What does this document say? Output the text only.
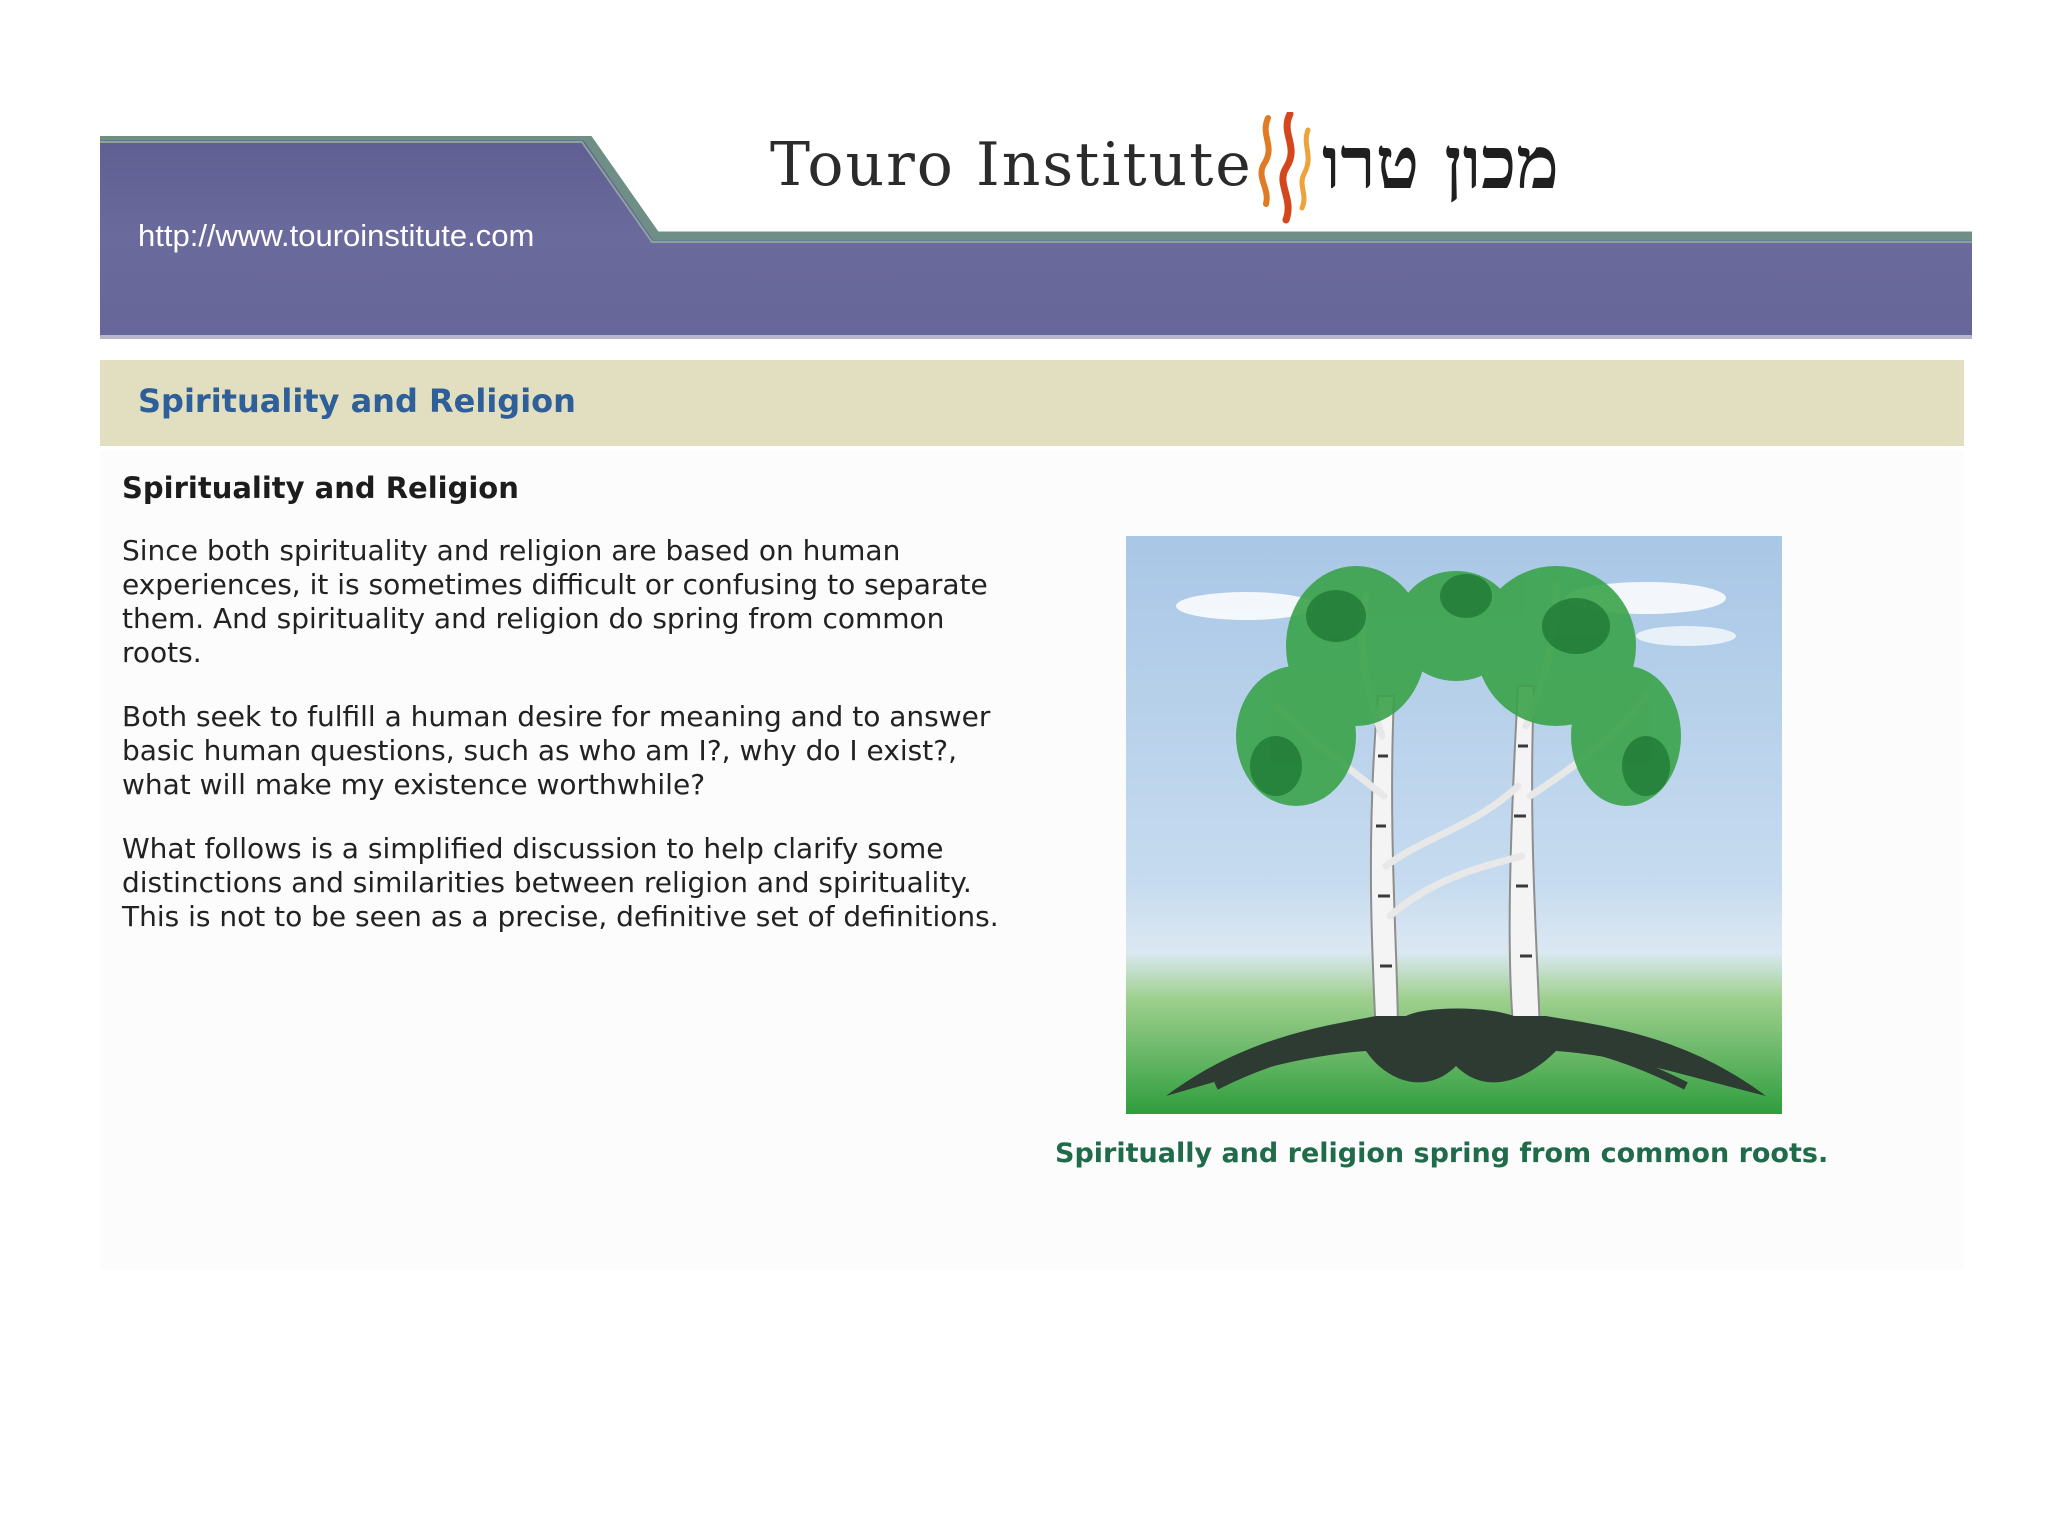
http://www.touroinstitute.com
Touro Institute מכון טרו
Spirituality and Religion
Spirituality and Religion

Since both spirituality and religion are based on human experiences, it is sometimes difficult or confusing to separate them. And spirituality and religion do spring from common roots.

Both seek to fulfill a human desire for meaning and to answer basic human questions, such as who am I?, why do I exist?, what will make my existence worthwhile?

What follows is a simplified discussion to help clarify some distinctions and similarities between religion and spirituality. This is not to be seen as a precise, definitive set of definitions.

Spiritually and religion spring from common roots.
